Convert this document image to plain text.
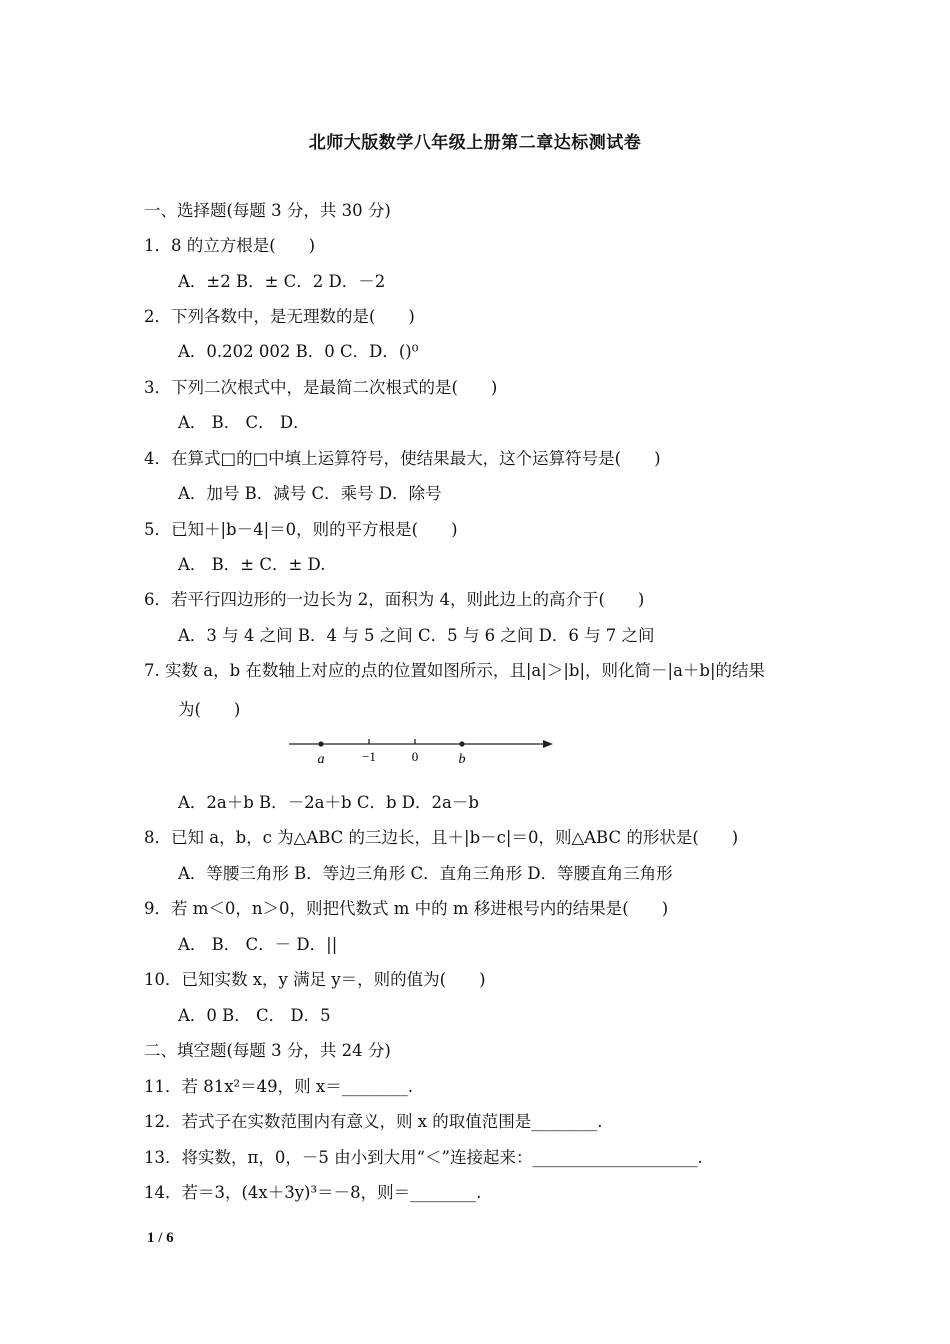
北师大版数学八年级上册第二章达标测试卷
一、选择题(每题 3 分，共 30 分)
1．8 的立方根是(　　)
A．±2 B．± C．2 D．－2
2．下列各数中，是无理数的是(　　)
A．0.202 002 B．0 C．D．()⁰
3．下列二次根式中，是最简二次根式的是(　　)
A． B． C． D．
4．在算式□的□中填上运算符号，使结果最大，这个运算符号是(　　)
A．加号 B．减号 C．乘号 D．除号
5．已知＋|b－4|＝0，则的平方根是(　　)
A． B．± C．± D.
6．若平行四边形的一边长为 2，面积为 4，则此边上的高介于(　　)
A．3 与 4 之间 B．4 与 5 之间 C．5 与 6 之间 D．6 与 7 之间
7. 实数 a，b 在数轴上对应的点的位置如图所示，且|a|＞|b|，则化简－|a＋b|的结果
为(　　)
a	−1	0	b
A．2a＋b B．－2a＋b C．b D．2a－b
8．已知 a，b，c 为△ABC 的三边长，且＋|b－c|＝0，则△ABC 的形状是(　　)
A．等腰三角形 B．等边三角形 C．直角三角形 D．等腰直角三角形
9．若 m＜0，n＞0，则把代数式 m 中的 m 移进根号内的结果是(　　)
A． B． C．－ D．||
10．已知实数 x，y 满足 y＝，则的值为(　　)
A．0 B． C． D．5
二、填空题(每题 3 分，共 24 分)
11．若 81x²＝49，则 x＝________.
12．若式子在实数范围内有意义，则 x 的取值范围是________.
13．将实数，π，0，－5 由小到大用“＜”连接起来：____________________.
14．若＝3，(4x＋3y)³＝－8，则＝________.
1 / 6
